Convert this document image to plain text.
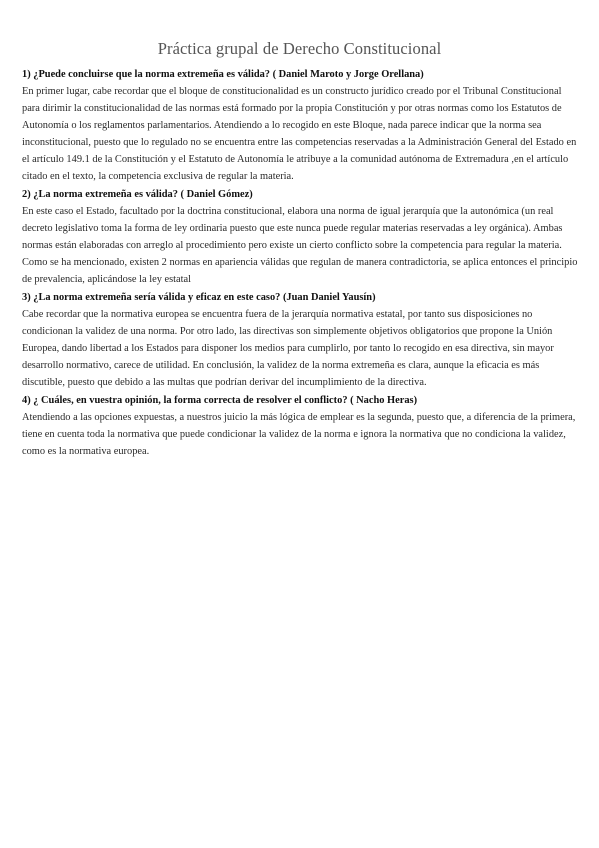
Práctica grupal de Derecho Constitucional

1) ¿Puede concluirse que la norma extremeña es válida? ( Daniel Maroto y Jorge Orellana)

En primer lugar, cabe recordar que el bloque de constitucionalidad es un constructo jurídico creado por el Tribunal Constitucional para dirimir la constitucionalidad de las normas está formado por la propia Constitución y por otras normas como los Estatutos de Autonomía o los reglamentos parlamentarios. Atendiendo a lo recogido en este Bloque, nada parece indicar que la norma sea inconstitucional, puesto que lo regulado no se encuentra entre las competencias reservadas a la Administración General del Estado en el artículo 149.1 de la Constitución y el Estatuto de Autonomía le atribuye a la comunidad autónoma de Extremadura ,en el artículo citado en el texto, la competencia exclusiva de regular la materia.

2) ¿La norma extremeña es válida? ( Daniel Gómez)

En este caso el Estado, facultado por la doctrina constitucional, elabora una norma de igual jerarquía que la autonómica (un real decreto legislativo toma la forma de ley ordinaria puesto que este nunca puede regular materias reservadas a ley orgánica). Ambas normas están elaboradas con arreglo al procedimiento pero existe un cierto conflicto sobre la competencia para regular la materia. Como se ha mencionado, existen 2 normas en apariencia válidas que regulan de manera contradictoria, se aplica entonces el principio de prevalencia, aplicándose la ley estatal

3) ¿La norma extremeña sería válida y eficaz en este caso? (Juan Daniel Yausín)

Cabe recordar que la normativa europea se encuentra fuera de la jerarquía normativa estatal, por tanto sus disposiciones no condicionan la validez de una norma. Por otro lado, las directivas son simplemente objetivos obligatorios que propone la Unión Europea, dando libertad a los Estados para disponer los medios para cumplirlo, por tanto lo recogido en esa directiva, sin mayor desarrollo normativo, carece de utilidad. En conclusión, la validez de la norma extremeña es clara, aunque la eficacia es más discutible, puesto que debido a las multas que podrían derivar del incumplimiento de la directiva.

4) ¿ Cuáles, en vuestra opinión, la forma correcta de resolver el conflicto? ( Nacho Heras)

Atendiendo a las opciones expuestas, a nuestros juicio la más lógica de emplear es la segunda, puesto que, a diferencia de la primera, tiene en cuenta toda la normativa que puede condicionar la validez de la norma e ignora la normativa que no condiciona la validez, como es la normativa europea.
